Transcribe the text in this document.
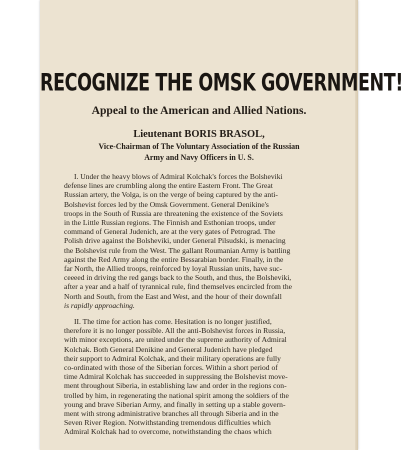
RECOGNIZE THE OMSK GOVERNMENT!
Appeal to the American and Allied Nations.
Lieutenant BORIS BRASOL,
Vice-Chairman of The Voluntary Association of the Russian
Army and Navy Officers in U. S.
I. Under the heavy blows of Admiral Kolchak's forces the Bolsheviki
defense lines are crumbling along the entire Eastern Front. The Great
Russian artery, the Volga, is on the verge of being captured by the anti-
Bolshevist forces led by the Omsk Government. General Denikine's
troops in the South of Russia are threatening the existence of the Soviets
in the Little Russian regions. The Finnish and Esthonian troops, under
command of General Judenich, are at the very gates of Petrograd. The
Polish drive against the Bolsheviki, under General Pilsudski, is menacing
the Bolshevist rule from the West. The gallant Roumanian Army is battling
against the Red Army along the entire Bessarabian border. Finally, in the
far North, the Allied troops, reinforced by loyal Russian units, have suc-
ceeeed in driving the red gangs back to the South, and thus, the Bolsheviki,
after a year and a half of tyrannical rule, find themselves encircled from the
North and South, from the East and West, and the hour of their downfall
is rapidly approaching.
II. The time for action has come. Hesitation is no longer justified,
therefore it is no longer possible. All the anti-Bolshevist forces in Russia,
with minor exceptions, are united under the supreme authority of Admiral
Kolchak. Both General Denikine and General Judenich have pledged
their support to Admiral Kolchak, and their military operations are fully
co-ordinated with those of the Siberian forces. Within a short period of
time Admiral Kolchak has succeeded in suppressing the Bolshevist move-
ment throughout Siberia, in establishing law and order in the regions con-
trolled by him, in regenerating the national spirit among the soldiers of the
young and brave Siberian Army, and finally in setting up a stable govern-
ment with strong administrative branches all through Siberia and in the
Seven River Region. Notwithstanding tremendous difficulties which
Admiral Kolchak had to overcome, notwithstanding the chaos which
